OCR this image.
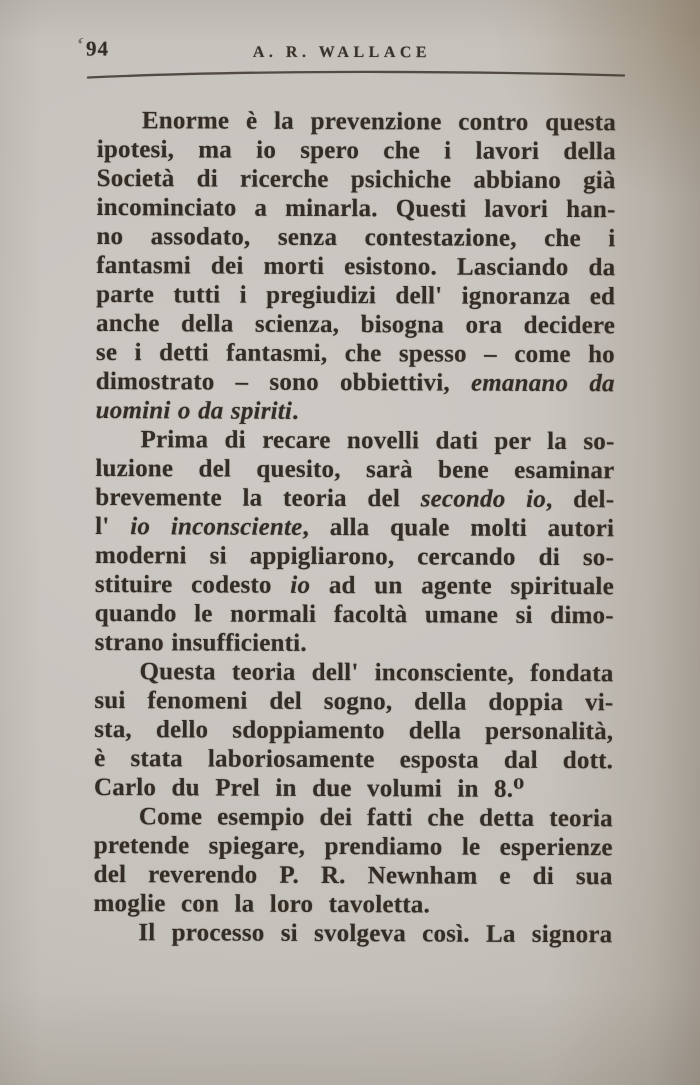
ʻ 94	A. R. WALLACE
Enorme è la prevenzione contro questa
ipotesi, ma io spero che i lavori della
Società di ricerche psichiche abbiano già
incominciato a minarla. Questi lavori han-
no assodato, senza contestazione, che i
fantasmi dei morti esistono. Lasciando da
parte tutti i pregiudizi dell' ignoranza ed
anche della scienza, bisogna ora decidere
se i detti fantasmi, che spesso – come ho
dimostrato – sono obbiettivi, emanano da
uomini o da spiriti.
Prima di recare novelli dati per la so-
luzione del quesito, sarà bene esaminar
brevemente la teoria del secondo io, del-
l' io inconsciente, alla quale molti autori
moderni si appigliarono, cercando di so-
stituire codesto io ad un agente spirituale
quando le normali facoltà umane si dimo-
strano insufficienti.
Questa teoria dell' inconsciente, fondata
sui fenomeni del sogno, della doppia vi-
sta, dello sdoppiamento della personalità,
è stata laboriosamente esposta dal dott.
Carlo du Prel in due volumi in 8.⁰
Come esempio dei fatti che detta teoria
pretende spiegare, prendiamo le esperienze
del reverendo P. R. Newnham e di sua
moglie con la loro tavoletta.
Il processo si svolgeva così. La signora
